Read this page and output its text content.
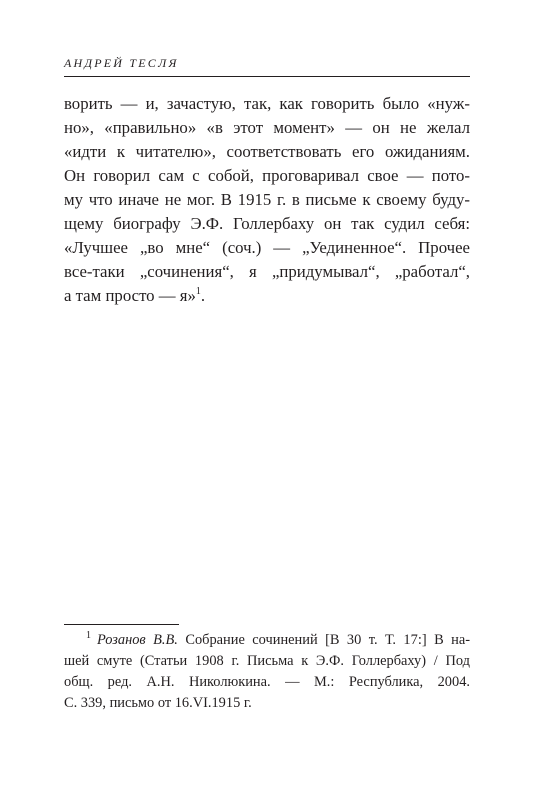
АНДРЕЙ ТЕСЛЯ
ворить — и, зачастую, так, как говорить было «нуж-
но», «правильно» «в этот момент» — он не желал
«идти к читателю», соответствовать его ожиданиям.
Он говорил сам с собой, проговаривал свое — пото-
му что иначе не мог. В 1915 г. в письме к своему буду-
щему биографу Э.Ф. Голлербаху он так судил себя:
«Лучшее „во мне“ (соч.) — „Уединенное“. Прочее
все-таки „сочинения“, я „придумывал“, „работал“,
а там просто — я»$^1$.
$^1$ Розанов В.В. Собрание сочинений [В 30 т. Т. 17:] В на-
шей смуте (Статьи 1908 г. Письма к Э.Ф. Голлербаху) / Под
общ. ред. А.Н. Николюкина. — М.: Республика, 2004.
С. 339, письмо от 16.VI.1915 г.
